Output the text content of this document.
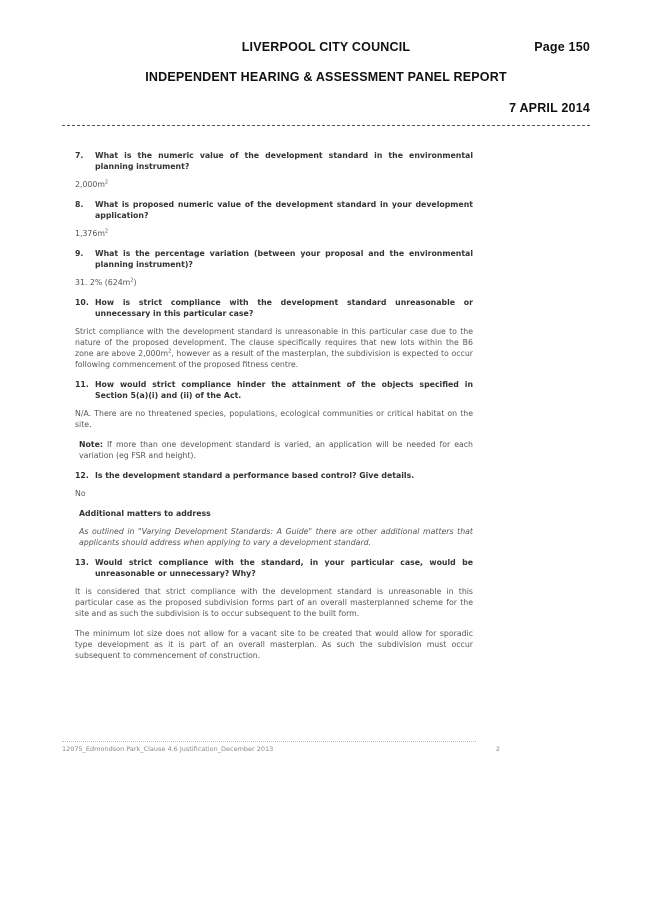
LIVERPOOL CITY COUNCIL	Page 150
INDEPENDENT HEARING & ASSESSMENT PANEL REPORT
7 APRIL 2014
7.	What is the numeric value of the development standard in the environmental planning instrument?
$2,000m^2$
8.	What is proposed numeric value of the development standard in your development application?
$1,376m^2$
9.	What is the percentage variation (between your proposal and the environmental planning instrument)?
31. 2% $(624m^2)$
10. How is strict compliance with the development standard unreasonable or unnecessary in this particular case?
Strict compliance with the development standard is unreasonable in this particular case due to the nature of the proposed development. The clause specifically requires that new lots within the B6 zone are above $2,000m^2$, however as a result of the masterplan, the subdivision is expected to occur following commencement of the proposed fitness centre.
11. How would strict compliance hinder the attainment of the objects specified in Section 5(a)(i) and (ii) of the Act.
N/A. There are no threatened species, populations, ecological communities or critical habitat on the site.
Note: If more than one development standard is varied, an application will be needed for each variation (eg FSR and height).
12. Is the development standard a performance based control? Give details.
No
Additional matters to address
As outlined in "Varying Development Standards: A Guide" there are other additional matters that applicants should address when applying to vary a development standard.
13. Would strict compliance with the standard, in your particular case, would be unreasonable or unnecessary? Why?
It is considered that strict compliance with the development standard is unreasonable in this particular case as the proposed subdivision forms part of an overall masterplanned scheme for the site and as such the subdivision is to occur subsequent to the built form.
The minimum lot size does not allow for a vacant site to be created that would allow for sporadic type development as it is part of an overall masterplan. As such the subdivision must occur subsequent to commencement of construction.
12075_Edmondson Park_Clause 4.6 Justification_December 2013	2
